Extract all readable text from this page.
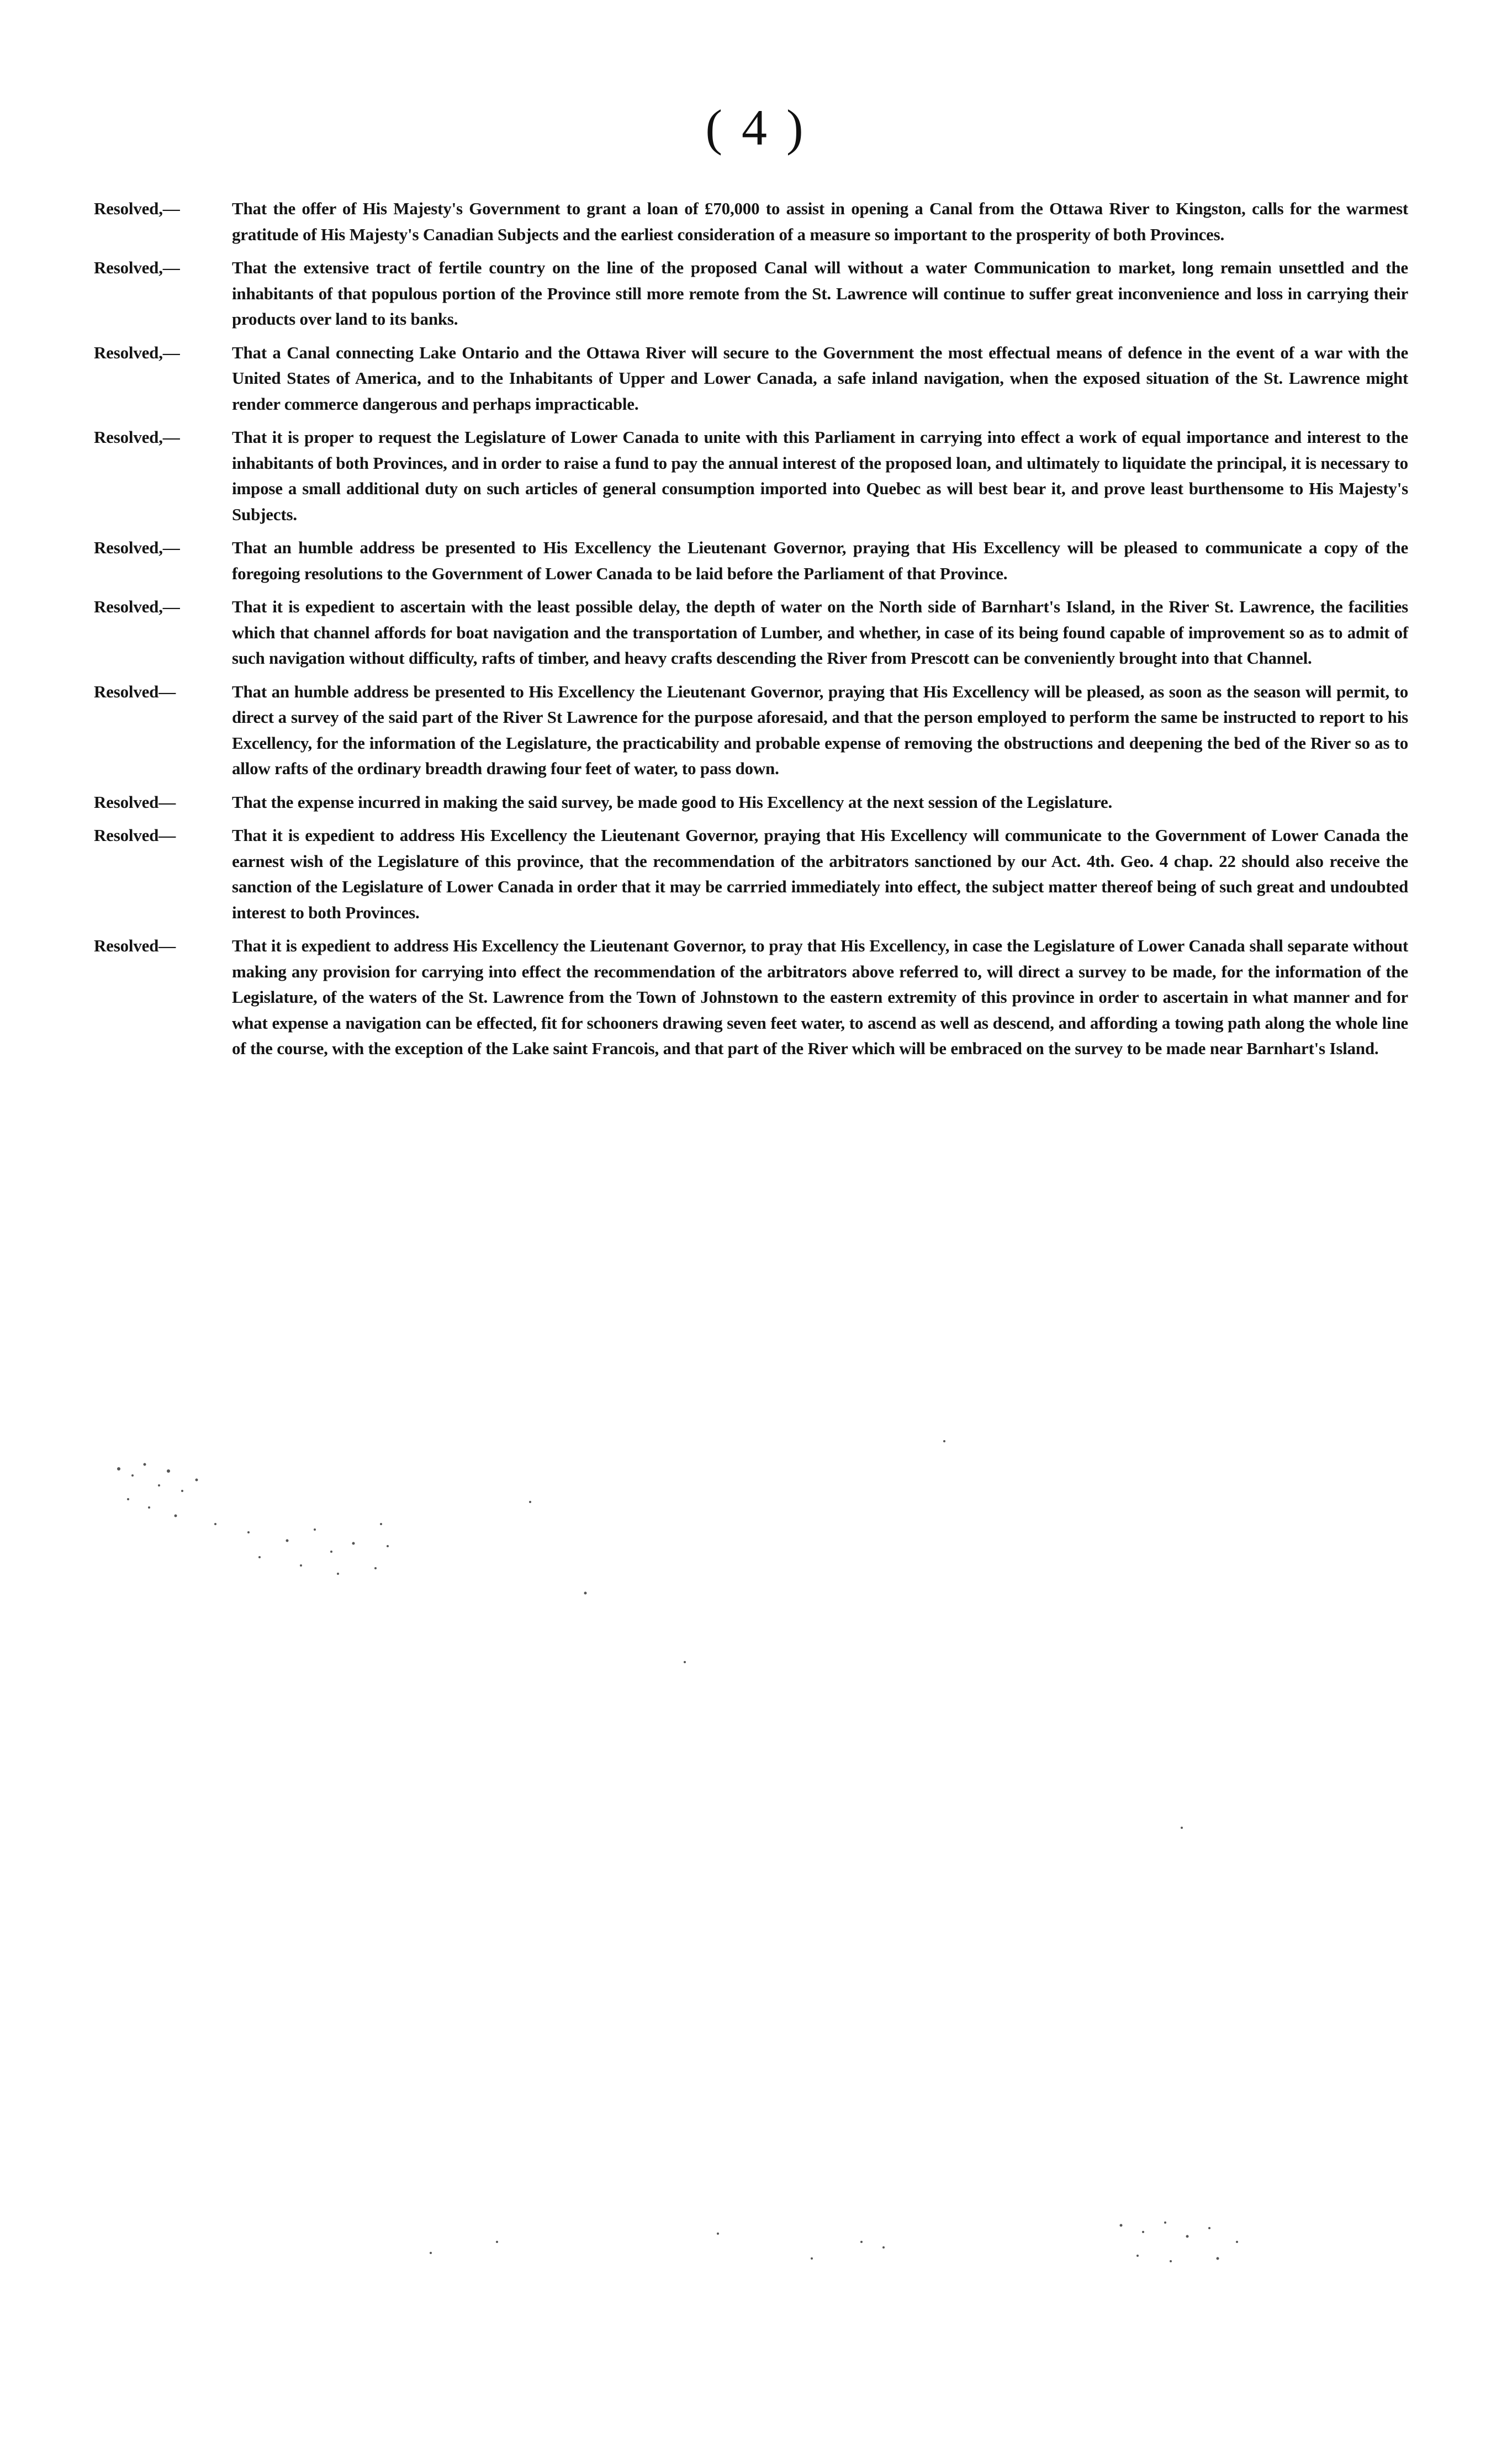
( 4 )
Resolved,—	That the offer of His Majesty's Government to grant a loan of £70,000 to assist in opening a Canal from the Ottawa River to Kingston, calls for the warmest gratitude of His Majesty's Canadian Subjects and the earliest consideration of a measure so important to the prosperity of both Provinces.

Resolved,—	That the extensive tract of fertile country on the line of the proposed Canal will without a water Communication to market, long remain unsettled and the inhabitants of that populous portion of the Province still more remote from the St. Lawrence will continue to suffer great inconvenience and loss in carrying their products over land to its banks.

Resolved,—	That a Canal connecting Lake Ontario and the Ottawa River will secure to the Government the most effectual means of defence in the event of a war with the United States of America, and to the Inhabitants of Upper and Lower Canada, a safe inland navigation, when the exposed situation of the St. Lawrence might render commerce dangerous and perhaps impracticable.

Resolved,—	That it is proper to request the Legislature of Lower Canada to unite with this Parliament in carrying into effect a work of equal importance and interest to the inhabitants of both Provinces, and in order to raise a fund to pay the annual interest of the proposed loan, and ultimately to liquidate the principal, it is necessary to impose a small additional duty on such articles of general consumption imported into Quebec as will best bear it, and prove least burthensome to His Majesty's Subjects.

Resolved,—	That an humble address be presented to His Excellency the Lieutenant Governor, praying that His Excellency will be pleased to communicate a copy of the foregoing resolutions to the Government of Lower Canada to be laid before the Parliament of that Province.

Resolved,—	That it is expedient to ascertain with the least possible delay, the depth of water on the North side of Barnhart's Island, in the River St. Lawrence, the facilities which that channel affords for boat navigation and the transportation of Lumber, and whether, in case of its being found capable of improvement so as to admit of such navigation without difficulty, rafts of timber, and heavy crafts descending the River from Prescott can be conveniently brought into that Channel.

Resolved—	That an humble address be presented to His Excellency the Lieutenant Governor, praying that His Excellency will be pleased, as soon as the season will permit, to direct a survey of the said part of the River St Lawrence for the purpose aforesaid, and that the person employed to perform the same be instructed to report to his Excellency, for the information of the Legislature, the practicability and probable expense of removing the obstructions and deepening the bed of the River so as to allow rafts of the ordinary breadth drawing four feet of water, to pass down.

Resolved—	That the expense incurred in making the said survey, be made good to His Excellency at the next session of the Legislature.

Resolved—	That it is expedient to address His Excellency the Lieutenant Governor, praying that His Excellency will communicate to the Government of Lower Canada the earnest wish of the Legislature of this province, that the recommendation of the arbitrators sanctioned by our Act. 4th. Geo. 4 chap. 22 should also receive the sanction of the Legislature of Lower Canada in order that it may be carrried immediately into effect, the subject matter thereof being of such great and undoubted interest to both Provinces.

Resolved—	That it is expedient to address His Excellency the Lieutenant Governor, to pray that His Excellency, in case the Legislature of Lower Canada shall separate without making any provision for carrying into effect the recommendation of the arbitrators above referred to, will direct a survey to be made, for the information of the Legislature, of the waters of the St. Lawrence from the Town of Johnstown to the eastern extremity of this province in order to ascertain in what manner and for what expense a navigation can be effected, fit for schooners drawing seven feet water, to ascend as well as descend, and affording a towing path along the whole line of the course, with the exception of the Lake saint Francois, and that part of the River which will be embraced on the survey to be made near Barnhart's Island.
